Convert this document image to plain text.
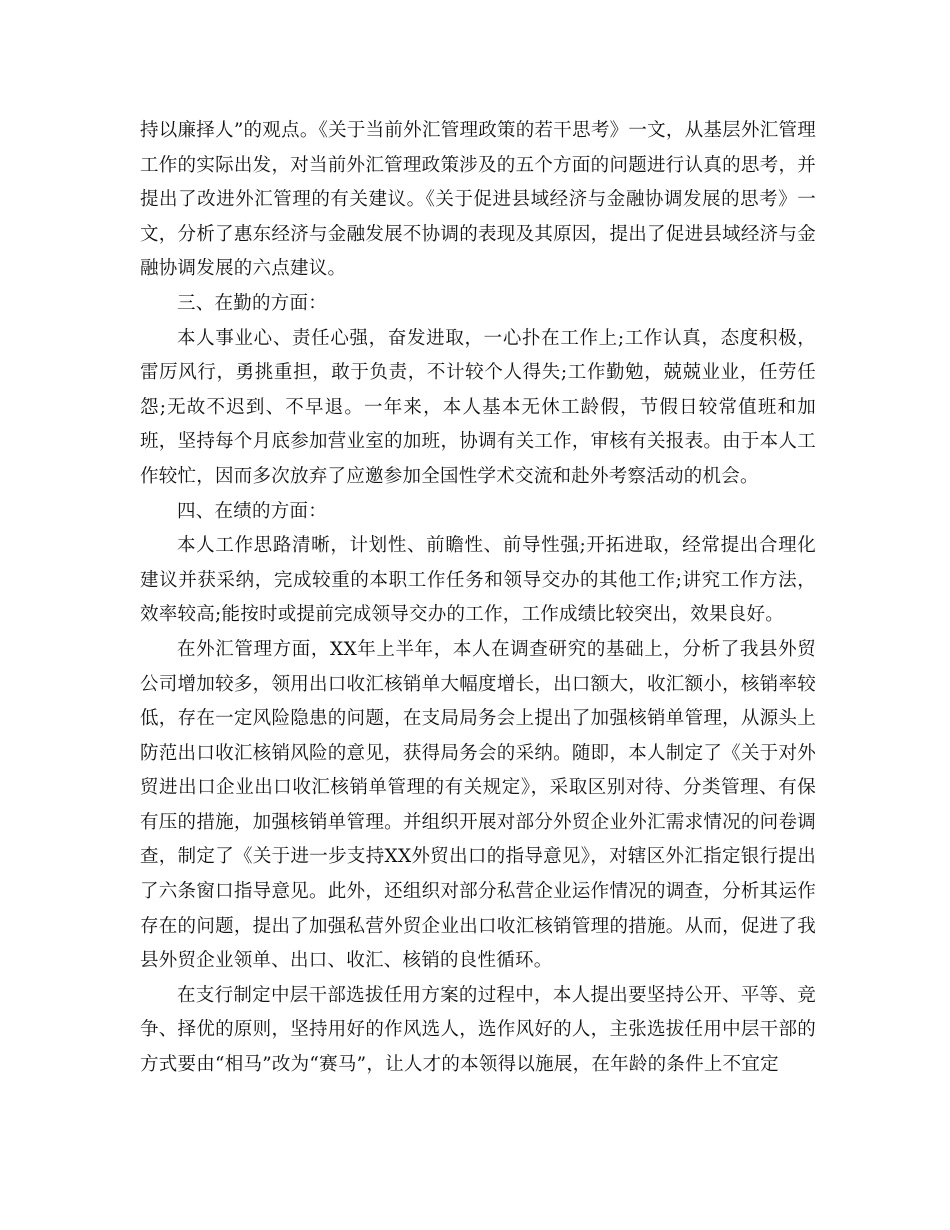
持以廉择人”的观点。《关于当前外汇管理政策的若干思考》一文，从基层外汇管理工作的实际出发，对当前外汇管理政策涉及的五个方面的问题进行认真的思考，并提出了改进外汇管理的有关建议。《关于促进县域经济与金融协调发展的思考》一文，分析了惠东经济与金融发展不协调的表现及其原因，提出了促进县域经济与金融协调发展的六点建议。

三、在勤的方面：

本人事业心、责任心强，奋发进取，一心扑在工作上;工作认真，态度积极，雷厉风行，勇挑重担，敢于负责，不计较个人得失;工作勤勉，兢兢业业，任劳任怨;无故不迟到、不早退。一年来，本人基本无休工龄假，节假日较常值班和加班，坚持每个月底参加营业室的加班，协调有关工作，审核有关报表。由于本人工作较忙，因而多次放弃了应邀参加全国性学术交流和赴外考察活动的机会。

四、在绩的方面：

本人工作思路清晰，计划性、前瞻性、前导性强;开拓进取，经常提出合理化建议并获采纳，完成较重的本职工作任务和领导交办的其他工作;讲究工作方法，效率较高;能按时或提前完成领导交办的工作，工作成绩比较突出，效果良好。

在外汇管理方面，XX年上半年，本人在调查研究的基础上，分析了我县外贸公司增加较多，领用出口收汇核销单大幅度增长，出口额大，收汇额小，核销率较低，存在一定风险隐患的问题，在支局局务会上提出了加强核销单管理，从源头上防范出口收汇核销风险的意见，获得局务会的采纳。随即，本人制定了《关于对外贸进出口企业出口收汇核销单管理的有关规定》，采取区别对待、分类管理、有保有压的措施，加强核销单管理。并组织开展对部分外贸企业外汇需求情况的问卷调查，制定了《关于进一步支持XX外贸出口的指导意见》，对辖区外汇指定银行提出了六条窗口指导意见。此外，还组织对部分私营企业运作情况的调查，分析其运作存在的问题，提出了加强私营外贸企业出口收汇核销管理的措施。从而，促进了我县外贸企业领单、出口、收汇、核销的良性循环。

在支行制定中层干部选拔任用方案的过程中，本人提出要坚持公开、平等、竞争、择优的原则，坚持用好的作风选人，选作风好的人，主张选拔任用中层干部的方式要由“相马”改为“赛马”，让人才的本领得以施展，在年龄的条件上不宜定
